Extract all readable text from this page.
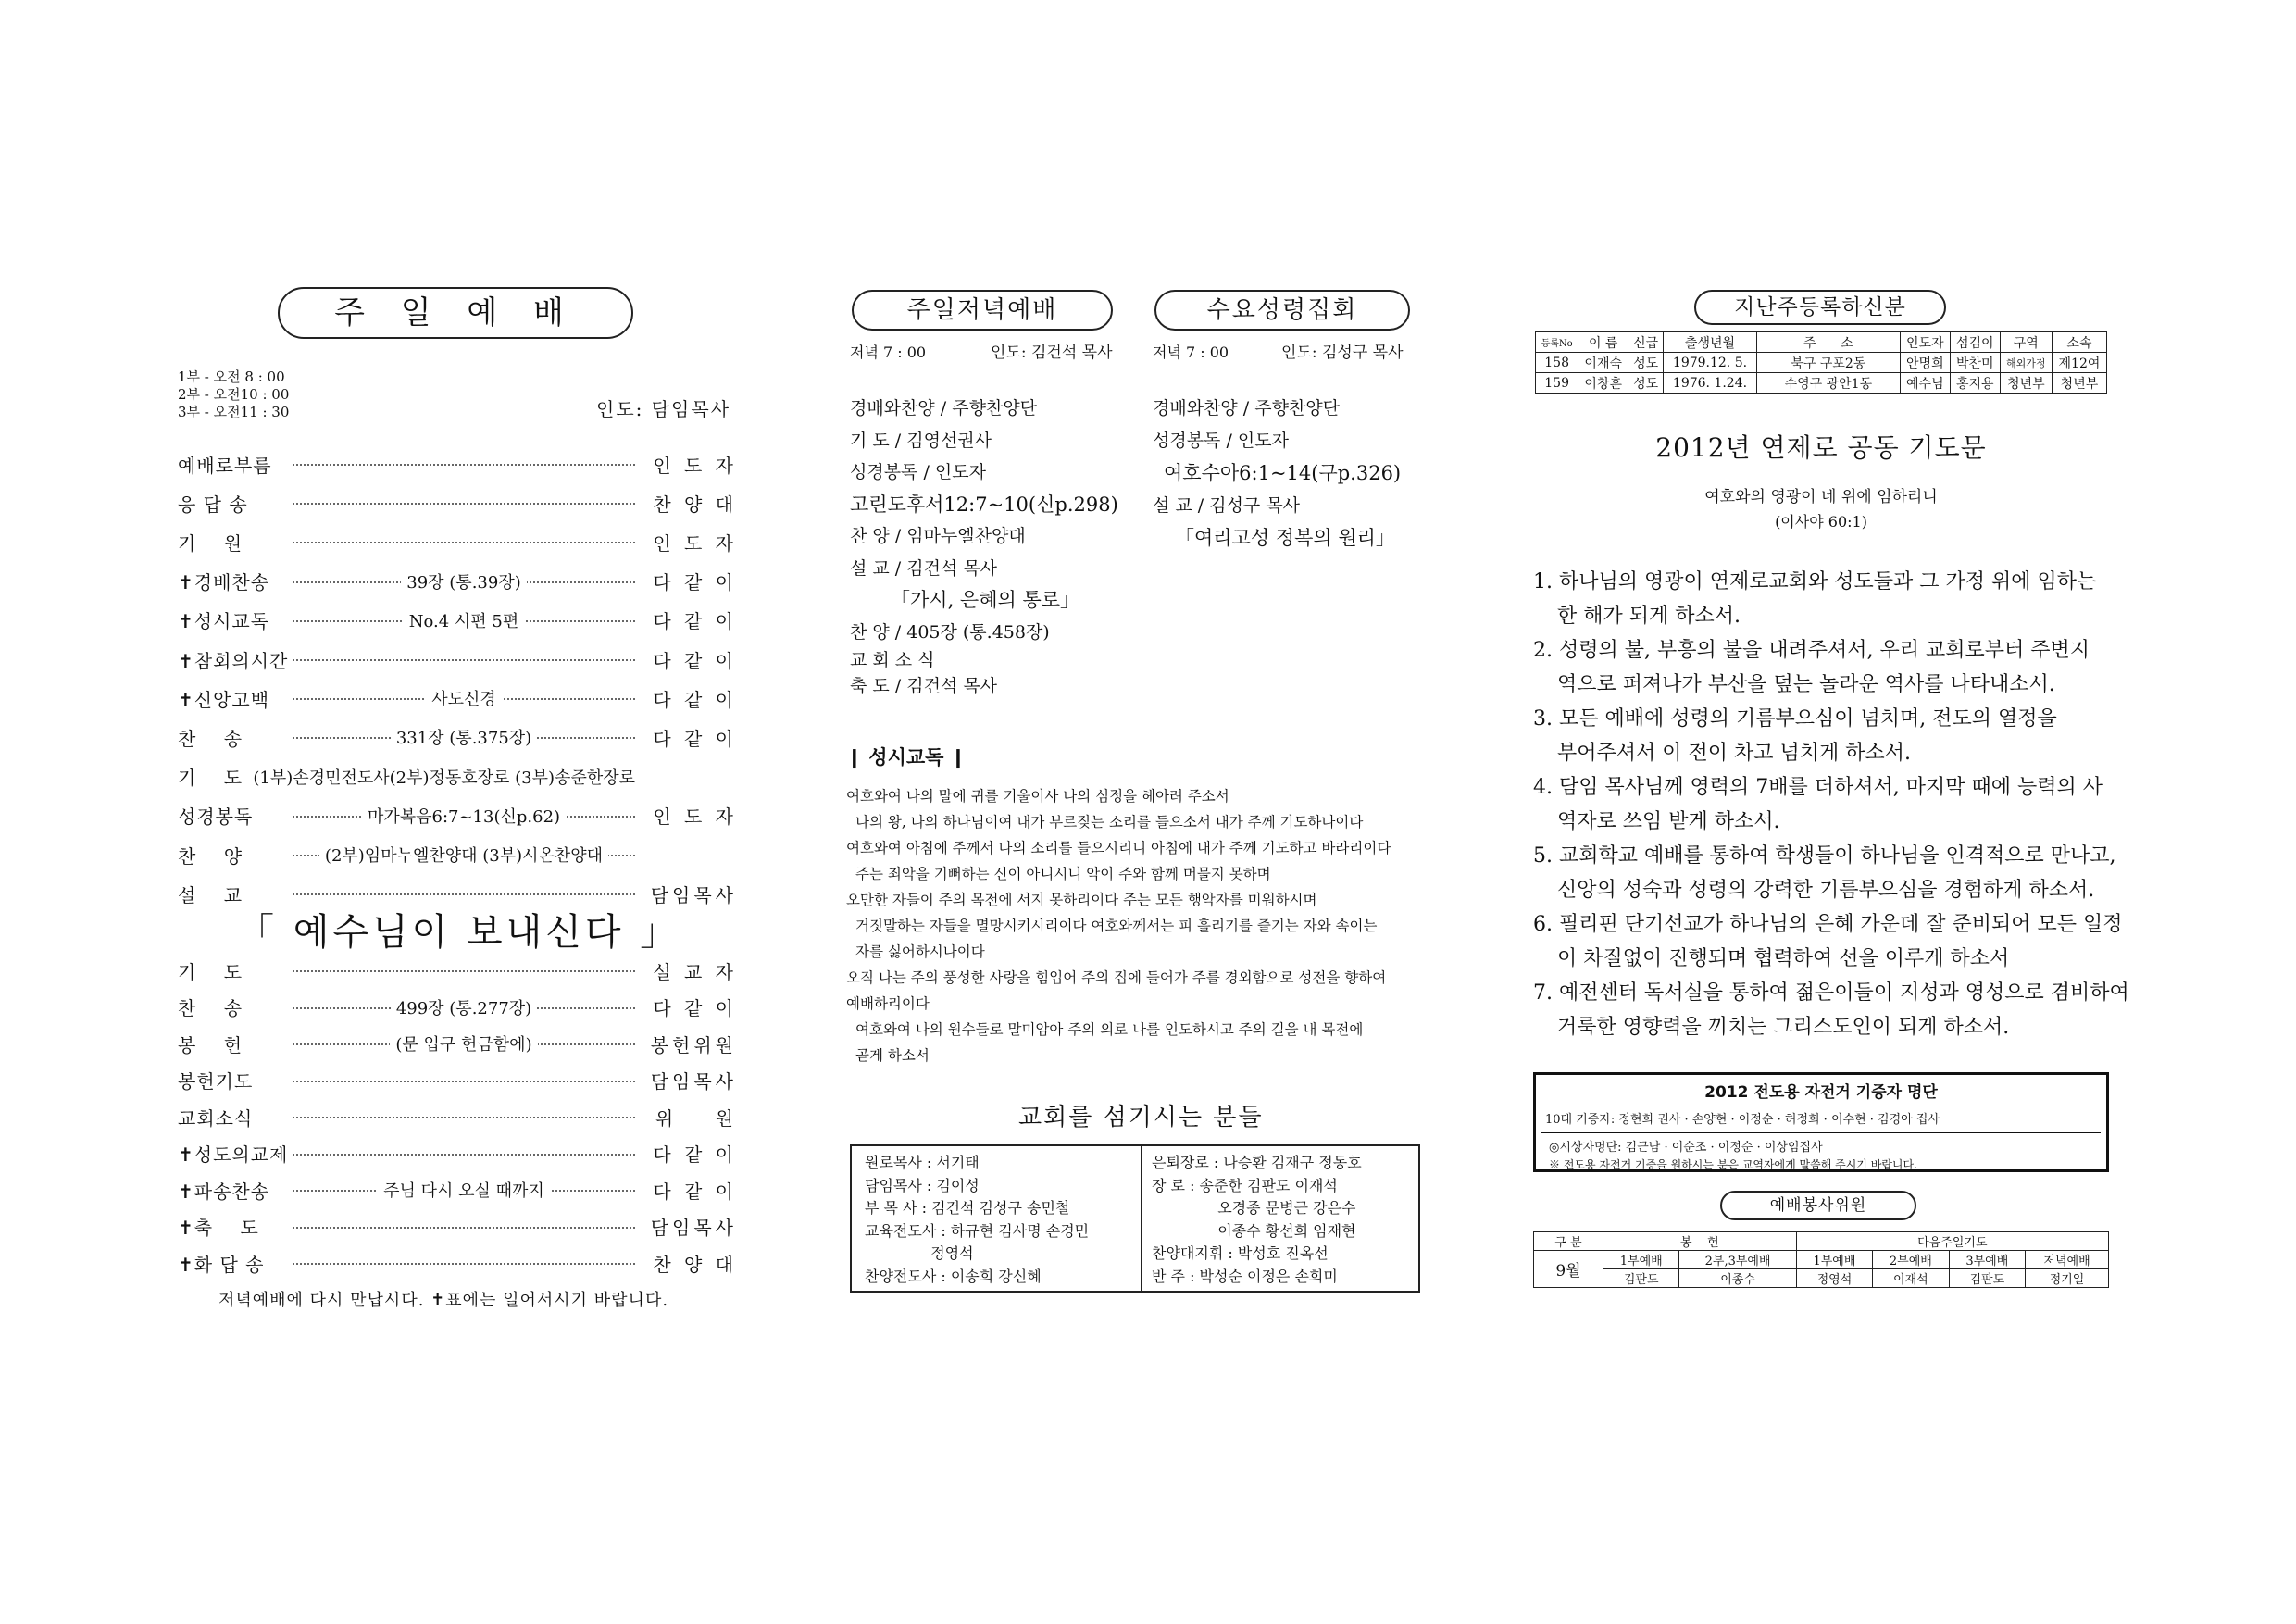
주 일 예 배
1부 - 오전 8 : 00
2부 - 오전10 : 00
3부 - 오전11 : 30	인도: 담임목사
예배로부름	인 도 자
응 답 송	찬 양 대
기    원	인 도 자
✝경배찬송	39장 (통.39장)	다 같 이
✝성시교독	No.4 시편 5편	다 같 이
✝참회의시간	다 같 이
✝신앙고백	사도신경	다 같 이
찬    송	331장 (통.375장)	다 같 이
기    도 (1부)손경민전도사(2부)정동호장로 (3부)송준한장로
성경봉독	마가복음6:7~13(신p.62)	인 도 자
찬    양	(2부)임마누엘찬양대 (3부)시온찬양대
설    교	담임목사
「 예수님이 보내신다 」
기    도	설 교 자
찬    송	499장 (통.277장)	다 같 이
봉    헌	(문 입구 헌금함에)	봉헌위원
봉헌기도	담임목사
교회소식	위    원
✝성도의교제	다 같 이
✝파송찬송	주님 다시 오실 때까지	다 같 이
✝축    도	담임목사
✝화 답 송	찬 양 대
저녁예배에 다시 만납시다. ✝표에는 일어서시기 바랍니다.
주일저녁예배	수요성령집회
저녁 7 : 00	인도: 김건석 목사	저녁 7 : 00	인도: 김성구 목사
경배와찬양 / 주향찬양단
기 도 / 김영선권사
성경봉독 / 인도자
고린도후서12:7~10(신p.298)
찬 양 / 임마누엘찬양대
설 교 / 김건석 목사
「가시, 은혜의 통로」
찬 양 / 405장 (통.458장)
교 회 소 식
축 도 / 김건석 목사
경배와찬양 / 주향찬양단
성경봉독 / 인도자
여호수아6:1~14(구p.326)
설 교 / 김성구 목사
「여리고성 정복의 원리」
❙ 성시교독 ❙
여호와여 나의 말에 귀를 기울이사 나의 심정을 헤아려 주소서
나의 왕, 나의 하나님이여 내가 부르짖는 소리를 들으소서 내가 주께 기도하나이다
여호와여 아침에 주께서 나의 소리를 들으시리니 아침에 내가 주께 기도하고 바라리이다
주는 죄악을 기뻐하는 신이 아니시니 악이 주와 함께 머물지 못하며
오만한 자들이 주의 목전에 서지 못하리이다 주는 모든 행악자를 미워하시며
거짓말하는 자들을 멸망시키시리이다 여호와께서는 피 흘리기를 즐기는 자와 속이는
자를 싫어하시나이다
오직 나는 주의 풍성한 사랑을 힘입어 주의 집에 들어가 주를 경외함으로 성전을 향하여
예배하리이다
여호와여 나의 원수들로 말미암아 주의 의로 나를 인도하시고 주의 길을 내 목전에
곧게 하소서
교회를 섬기시는 분들
원로목사 : 서기태
담임목사 : 김이성
부 목 사 : 김건석 김성구 송민철
교육전도사 : 하규현 김사명 손경민
정영석
찬양전도사 : 이송희 강신혜
은퇴장로 : 나승환 김재구 정동호
장 로 : 송준한 김판도 이재석
오경종 문병근 강은수
이종수 황선희 임재현
찬양대지휘 : 박성호 진옥선
반 주 : 박성순 이정은 손희미
지난주등록하신분
등록No	이 름	신급	출생년월	주      소	인도자	섬김이	구역	소속
158	이재숙	성도	1979.12. 5.	북구 구포2동	안명희	박찬미	해외가정	제12여
159	이창훈	성도	1976. 1.24.	수영구 광안1동	예수님	홍지용	청년부	청년부
2012년 연제로 공동 기도문
여호와의 영광이 네 위에 임하리니
(이사야 60:1)

1. 하나님의 영광이 연제로교회와 성도들과 그 가정 위에 임하는

한 해가 되게 하소서.

2. 성령의 불, 부흥의 불을 내려주셔서, 우리 교회로부터 주변지

역으로 퍼져나가 부산을 덮는 놀라운 역사를 나타내소서.

3. 모든 예배에 성령의 기름부으심이 넘치며, 전도의 열정을

부어주셔서 이 전이 차고 넘치게 하소서.

4. 담임 목사님께 영력의 7배를 더하셔서, 마지막 때에 능력의 사

역자로 쓰임 받게 하소서.

5. 교회학교 예배를 통하여 학생들이 하나님을 인격적으로 만나고,

신앙의 성숙과 성령의 강력한 기름부으심을 경험하게 하소서.

6. 필리핀 단기선교가 하나님의 은혜 가운데 잘 준비되어 모든 일정

이 차질없이 진행되며 협력하여 선을 이루게 하소서

7. 예전센터 독서실을 통하여 젊은이들이 지성과 영성으로 겸비하여

거룩한 영향력을 끼치는 그리스도인이 되게 하소서.

2012 전도용 자전거 기증자 명단
10대 기증자: 정현희 권사 · 손양현 · 이정순 · 허정희 · 이수현 · 김경아 집사
◎시상자명단: 김근남 · 이순조 · 이정순 · 이상임집사
※ 전도용 자전거 기증을 원하시는 분은 교역자에게 말씀해 주시기 바랍니다.
예배봉사위원
구 분	봉    헌		다음주일기도			
9월	1부예배	2부,3부예배	1부예배	2부예배	3부예배	저녁예배
	김판도	이종수	정영석	이재석	김판도	정기일
